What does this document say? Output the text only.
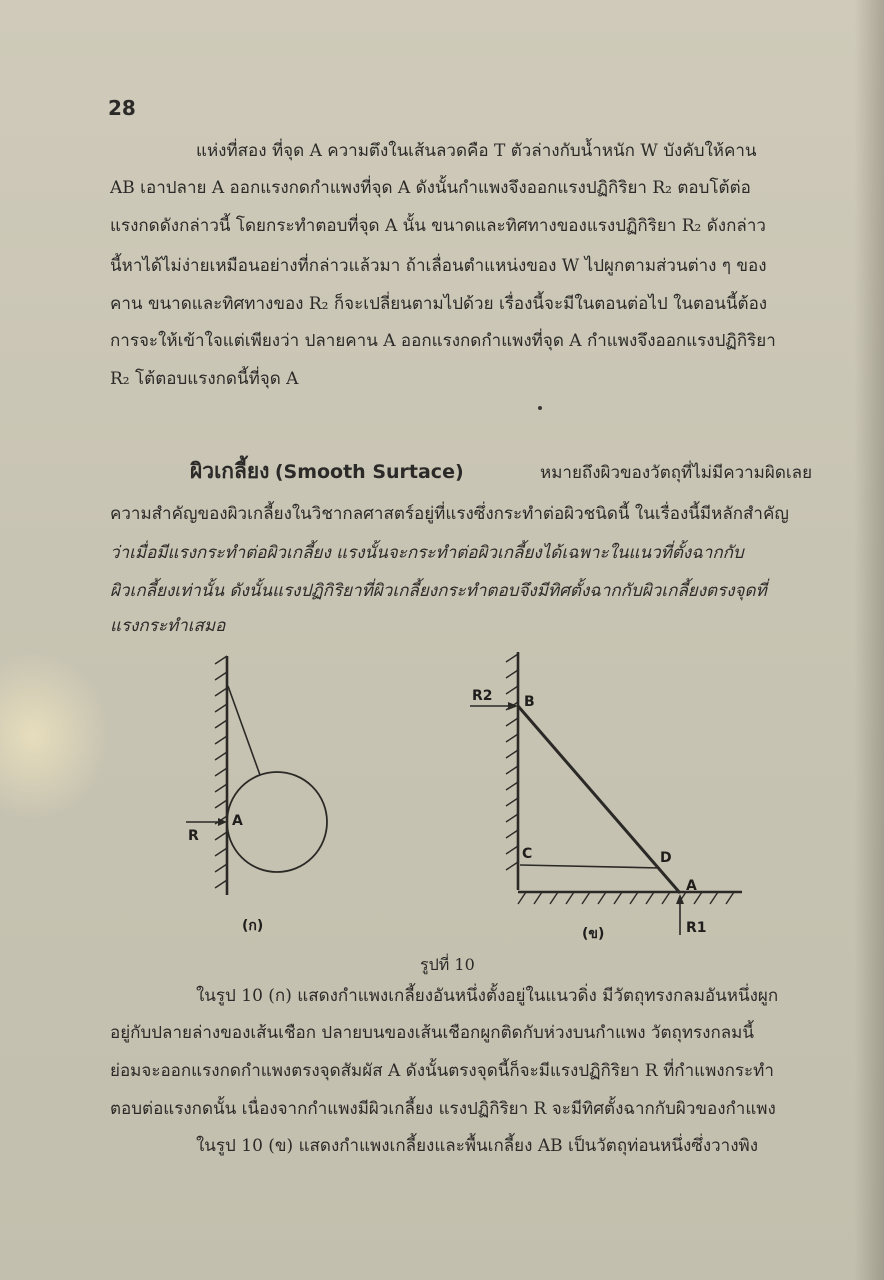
28
แห่งที่สอง ที่จุด A ความตึงในเส้นลวดคือ T ตัวล่างกับน้ำหนัก W บังคับให้คาน
AB เอาปลาย A ออกแรงกดกำแพงที่จุด A ดังนั้นกำแพงจึงออกแรงปฏิกิริยา R₂ ตอบโต้ต่อ
แรงกดดังกล่าวนี้ โดยกระทำตอบที่จุด A นั้น ขนาดและทิศทางของแรงปฏิกิริยา R₂ ดังกล่าว
นี้หาได้ไม่ง่ายเหมือนอย่างที่กล่าวแล้วมา ถ้าเลื่อนตำแหน่งของ W ไปผูกตามส่วนต่าง ๆ ของ
คาน ขนาดและทิศทางของ R₂ ก็จะเปลี่ยนตามไปด้วย เรื่องนี้จะมีในตอนต่อไป ในตอนนี้ต้อง
การจะให้เข้าใจแต่เพียงว่า ปลายคาน A ออกแรงกดกำแพงที่จุด A กำแพงจึงออกแรงปฏิกิริยา
R₂ โต้ตอบแรงกดนี้ที่จุด A
ผิวเกลี้ยง (Smooth Surtace)	หมายถึงผิวของวัตถุที่ไม่มีความผิดเลย
ความสำคัญของผิวเกลี้ยงในวิชากลศาสตร์อยู่ที่แรงซึ่งกระทำต่อผิวชนิดนี้ ในเรื่องนี้มีหลักสำคัญ
ว่าเมื่อมีแรงกระทำต่อผิวเกลี้ยง แรงนั้นจะกระทำต่อผิวเกลี้ยงได้เฉพาะในแนวที่ตั้งฉากกับ
ผิวเกลี้ยงเท่านั้น ดังนั้นแรงปฏิกิริยาที่ผิวเกลี้ยงกระทำตอบจึงมีทิศตั้งฉากกับผิวเกลี้ยงตรงจุดที่
แรงกระทำเสมอ
R
A
(ก)
R2 B
C	D
A
R1
(ข)
รูปที่ 10
ในรูป 10 (ก) แสดงกำแพงเกลี้ยงอันหนึ่งตั้งอยู่ในแนวดิ่ง มีวัตถุทรงกลมอันหนึ่งผูก
อยู่กับปลายล่างของเส้นเชือก ปลายบนของเส้นเชือกผูกติดกับห่วงบนกำแพง วัตถุทรงกลมนี้
ย่อมจะออกแรงกดกำแพงตรงจุดสัมผัส A ดังนั้นตรงจุดนี้ก็จะมีแรงปฏิกิริยา R ที่กำแพงกระทำ
ตอบต่อแรงกดนั้น เนื่องจากกำแพงมีผิวเกลี้ยง แรงปฏิกิริยา R จะมีทิศตั้งฉากกับผิวของกำแพง
ในรูป 10 (ข) แสดงกำแพงเกลี้ยงและพื้นเกลี้ยง AB เป็นวัตถุท่อนหนึ่งซึ่งวางพิง
